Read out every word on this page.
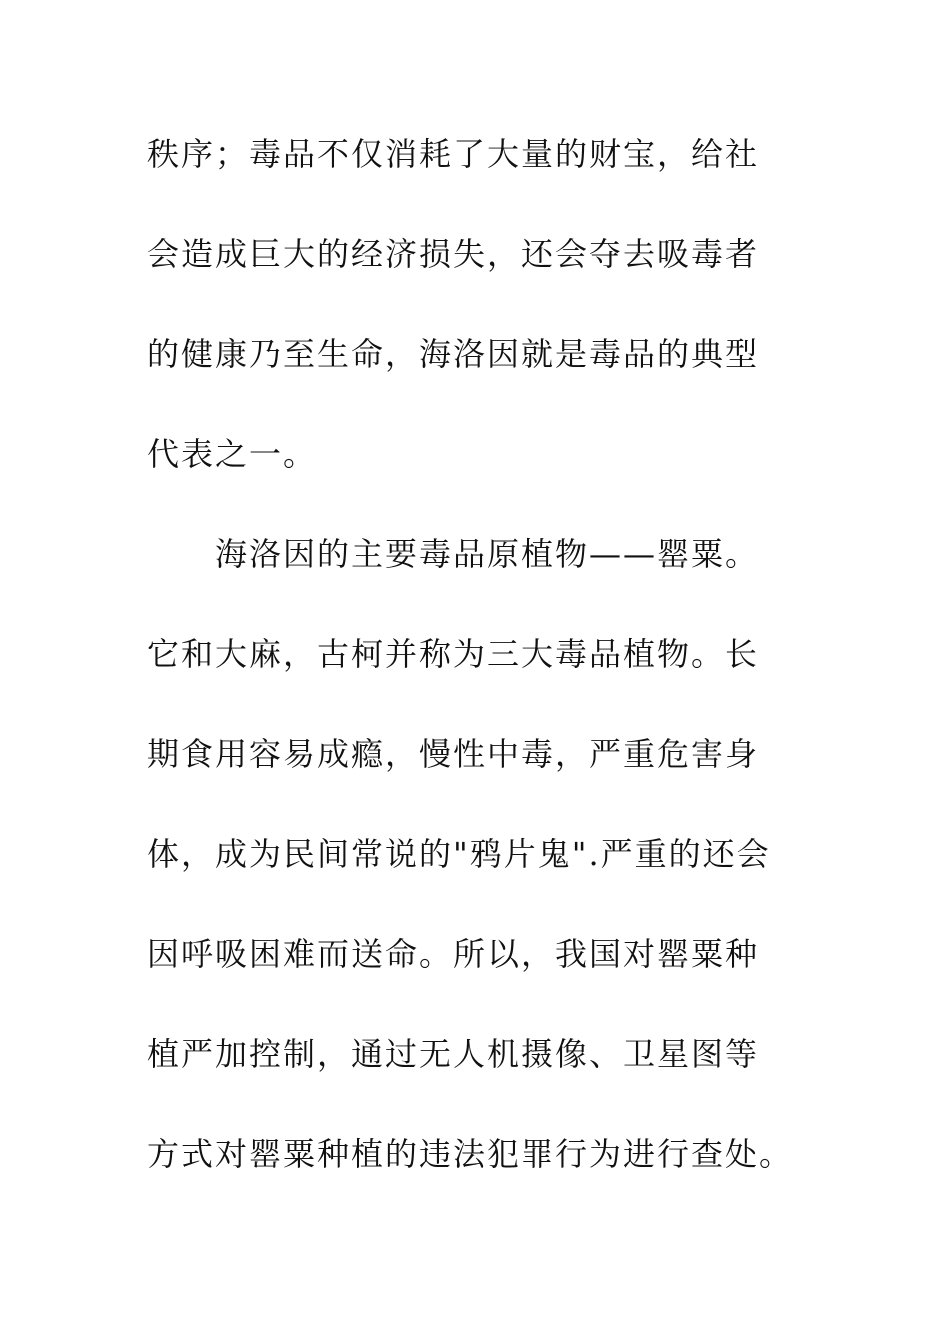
秩序；毒品不仅消耗了大量的财宝，给社
会造成巨大的经济损失，还会夺去吸毒者
的健康乃至生命，海洛因就是毒品的典型
代表之一。
海洛因的主要毒品原植物——罂粟。
它和大麻，古柯并称为三大毒品植物。长
期食用容易成瘾，慢性中毒，严重危害身
体，成为民间常说的"鸦片鬼".严重的还会
因呼吸困难而送命。所以，我国对罂粟种
植严加控制，通过无人机摄像、卫星图等
方式对罂粟种植的违法犯罪行为进行查处。
